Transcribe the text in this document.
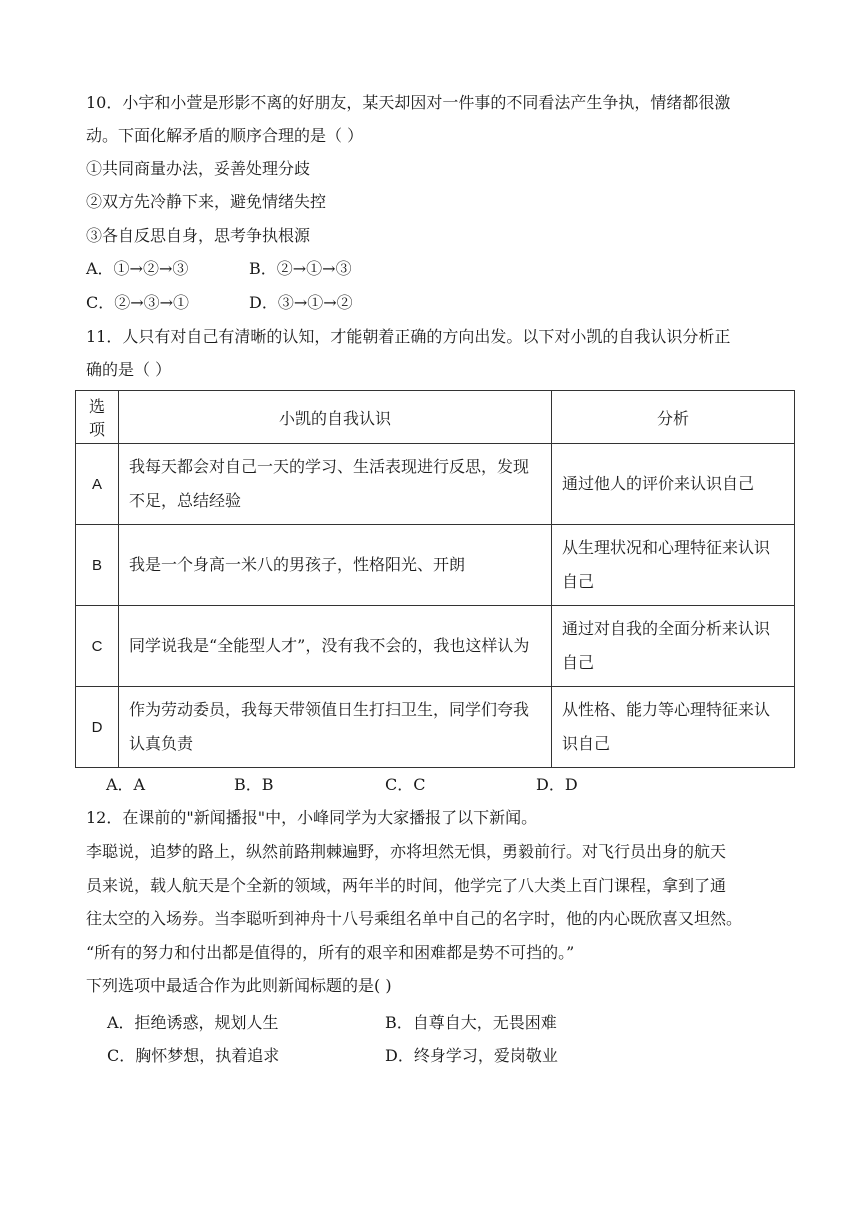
10．小宇和小萱是形影不离的好朋友，某天却因对一件事的不同看法产生争执，情绪都很激
动。下面化解矛盾的顺序合理的是（ ）
①共同商量办法，妥善处理分歧
②双方先冷静下来，避免情绪失控
③各自反思自身，思考争执根源
A．①→②→③	B．②→①→③
C．②→③→①	D．③→①→②
11．人只有对自己有清晰的认知，才能朝着正确的方向出发。以下对小凯的自我认识分析正
确的是（ ）
选项	小凯的自我认识	分析
A	我每天都会对自己一天的学习、生活表现进行反思，发现不足，总结经验	通过他人的评价来认识自己
B	我是一个身高一米八的男孩子，性格阳光、开朗	从生理状况和心理特征来认识自己
C	同学说我是“全能型人才”，没有我不会的，我也这样认为	通过对自我的全面分析来认识自己
D	作为劳动委员，我每天带领值日生打扫卫生，同学们夸我认真负责	从性格、能力等心理特征来认识自己
A．A	B．B	C．C	D．D
12．在课前的"新闻播报"中，小峰同学为大家播报了以下新闻。
李聪说，追梦的路上，纵然前路荆棘遍野，亦将坦然无惧，勇毅前行。对飞行员出身的航天
员来说，载人航天是个全新的领域，两年半的时间，他学完了八大类上百门课程，拿到了通
往太空的入场券。当李聪听到神舟十八号乘组名单中自己的名字时，他的内心既欣喜又坦然。
“所有的努力和付出都是值得的，所有的艰辛和困难都是势不可挡的。”
下列选项中最适合作为此则新闻标题的是( )
A．拒绝诱惑，规划人生	B．自尊自大，无畏困难
C．胸怀梦想，执着追求	D．终身学习，爱岗敬业
